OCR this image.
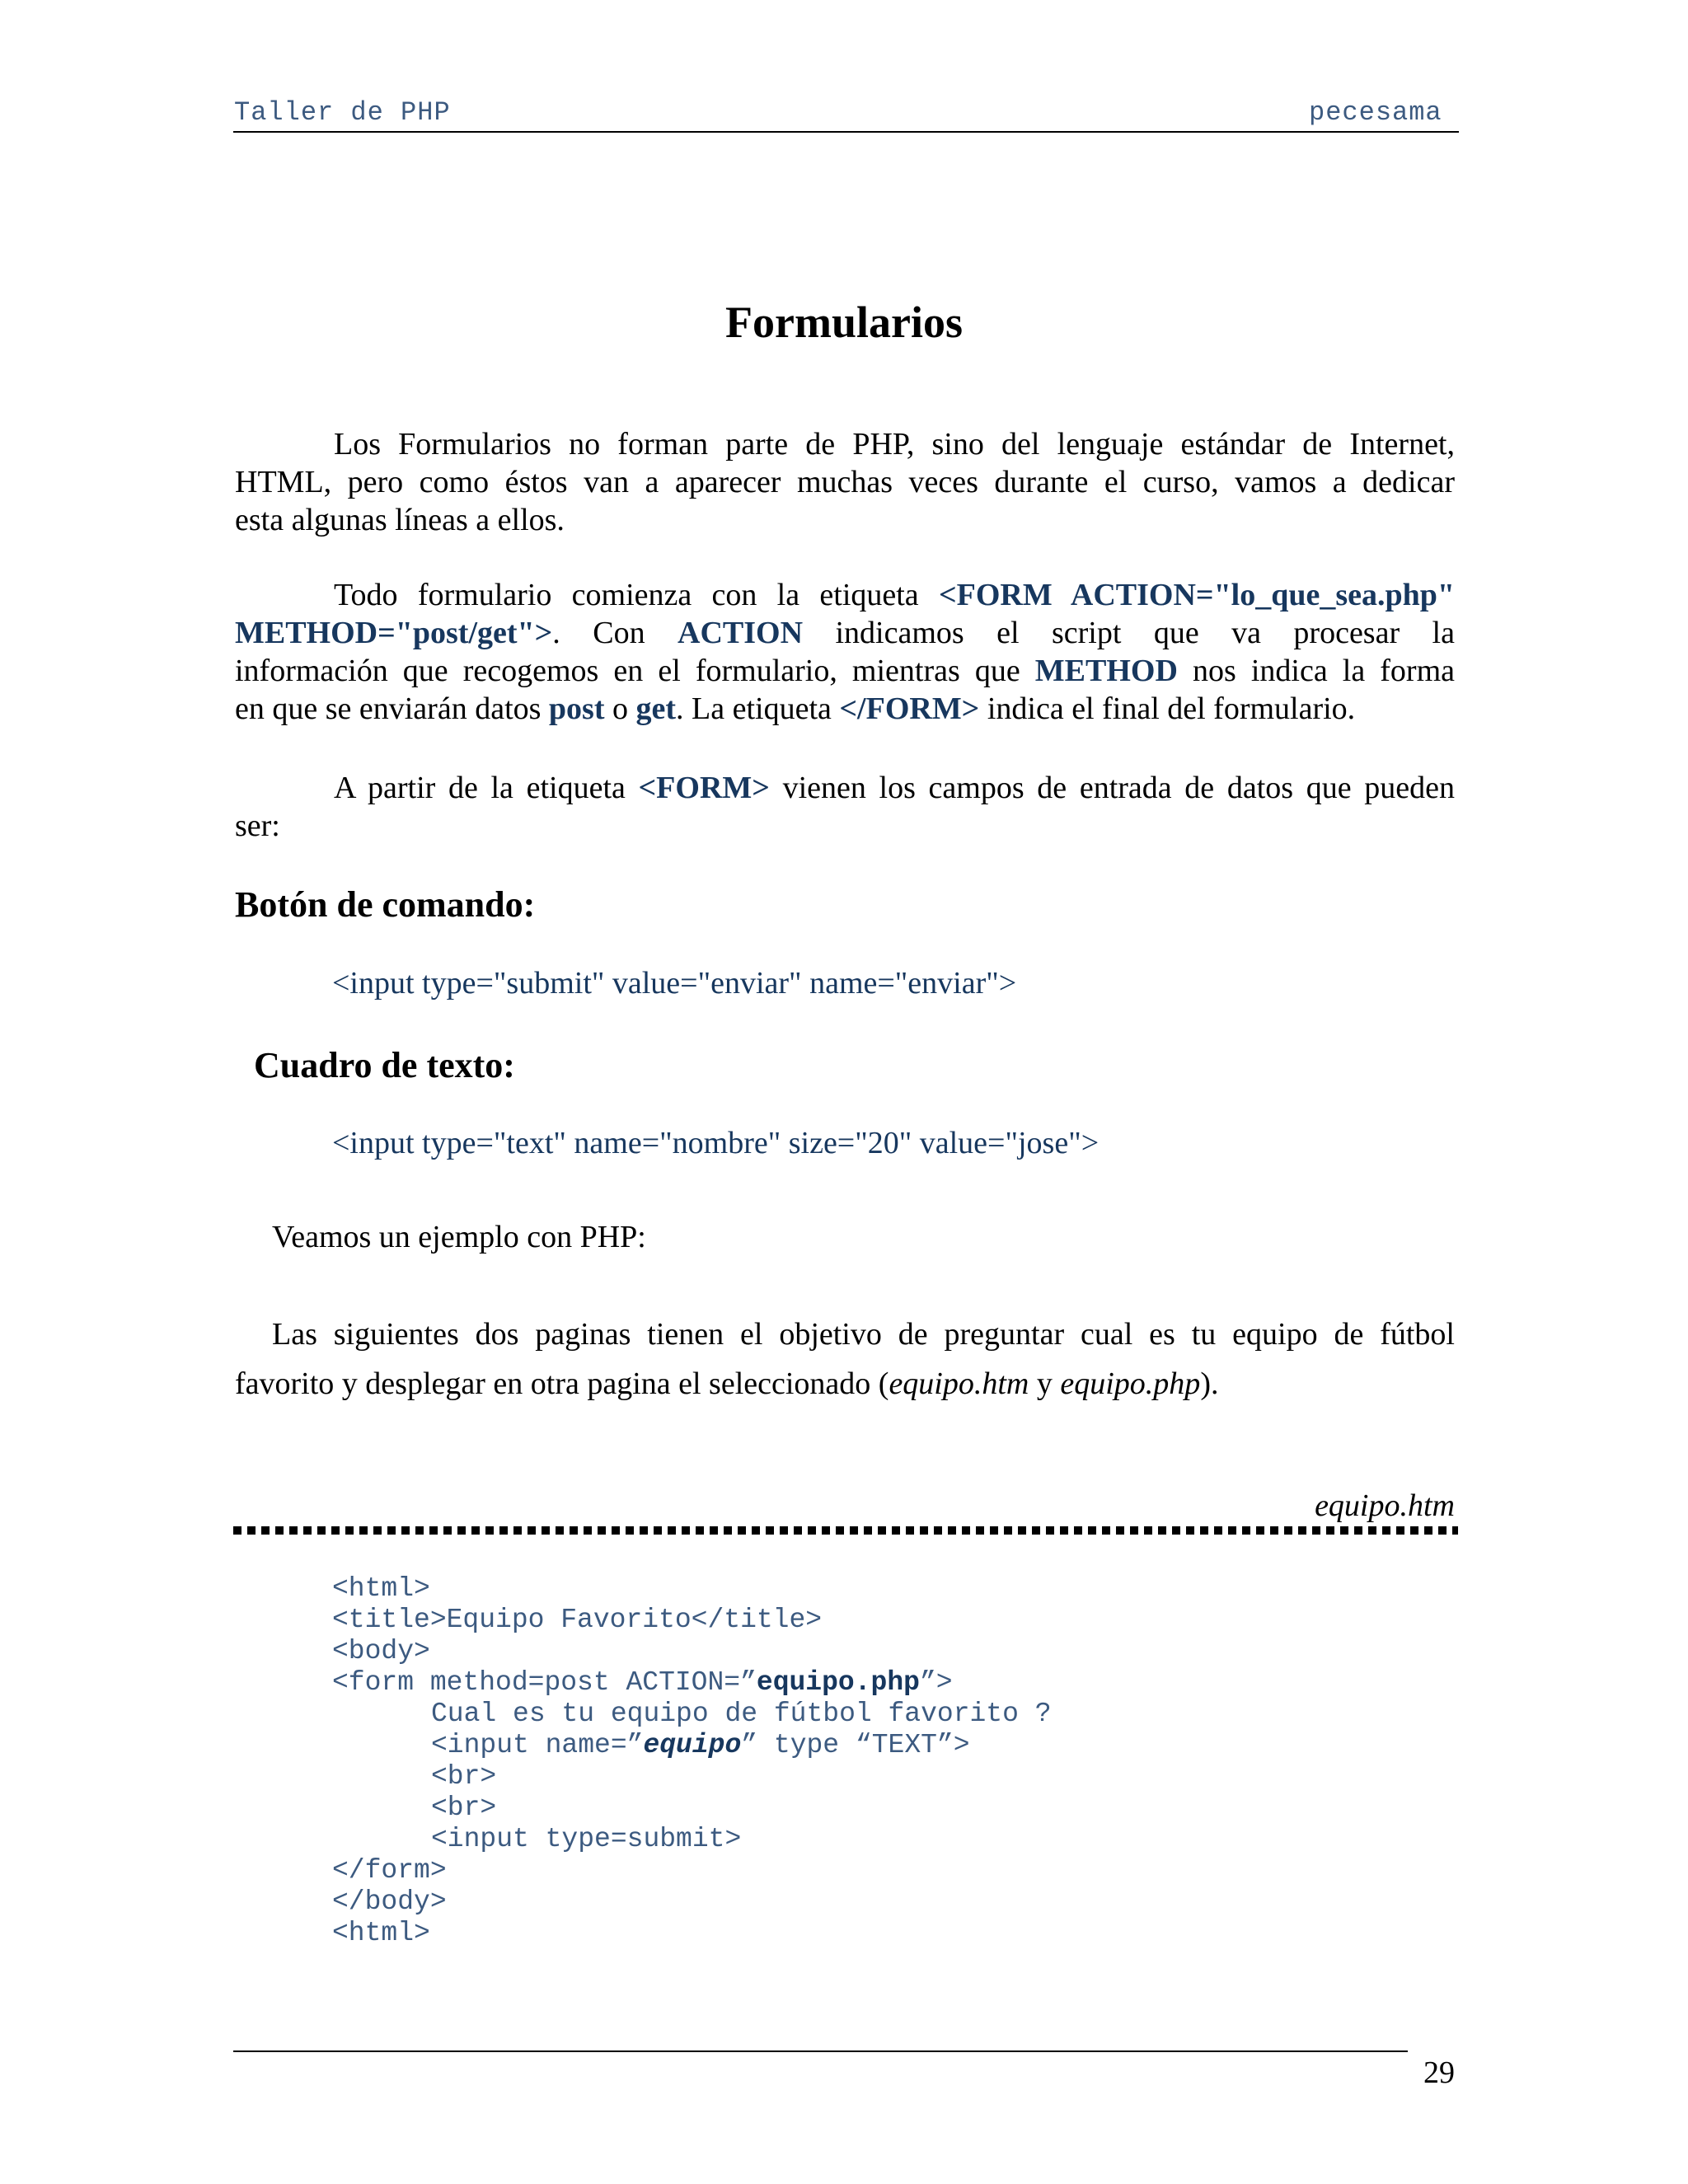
Taller de PHP	pecesama
Formularios
Los Formularios no forman parte de PHP, sino del lenguaje estándar de Internet,
HTML, pero como éstos van a aparecer muchas veces durante el curso, vamos a dedicar
esta algunas líneas a ellos.
Todo formulario comienza con la etiqueta <FORM ACTION="lo_que_sea.php"
METHOD="post/get">. Con ACTION indicamos el script que va procesar la
información que recogemos en el formulario, mientras que METHOD nos indica la forma
en que se enviarán datos post o get. La etiqueta </FORM> indica el final del formulario.
A partir de la etiqueta <FORM> vienen los campos de entrada de datos que pueden
ser:
Botón de comando:
<input type="submit" value="enviar" name="enviar">
Cuadro de texto:
<input type="text" name="nombre" size="20" value="jose">
Veamos un ejemplo con PHP:
Las siguientes dos paginas tienen el objetivo de preguntar cual es tu equipo de fútbol
favorito y desplegar en otra pagina el seleccionado (equipo.htm y equipo.php).
equipo.htm
<html>
<title>Equipo Favorito</title>
<body>
<form method=post ACTION=”equipo.php”>
Cual es tu equipo de fútbol favorito ?
<input name=”equipo” type “TEXT”>
<br>
<br>
<input type=submit>
</form>
</body>
<html>
29
